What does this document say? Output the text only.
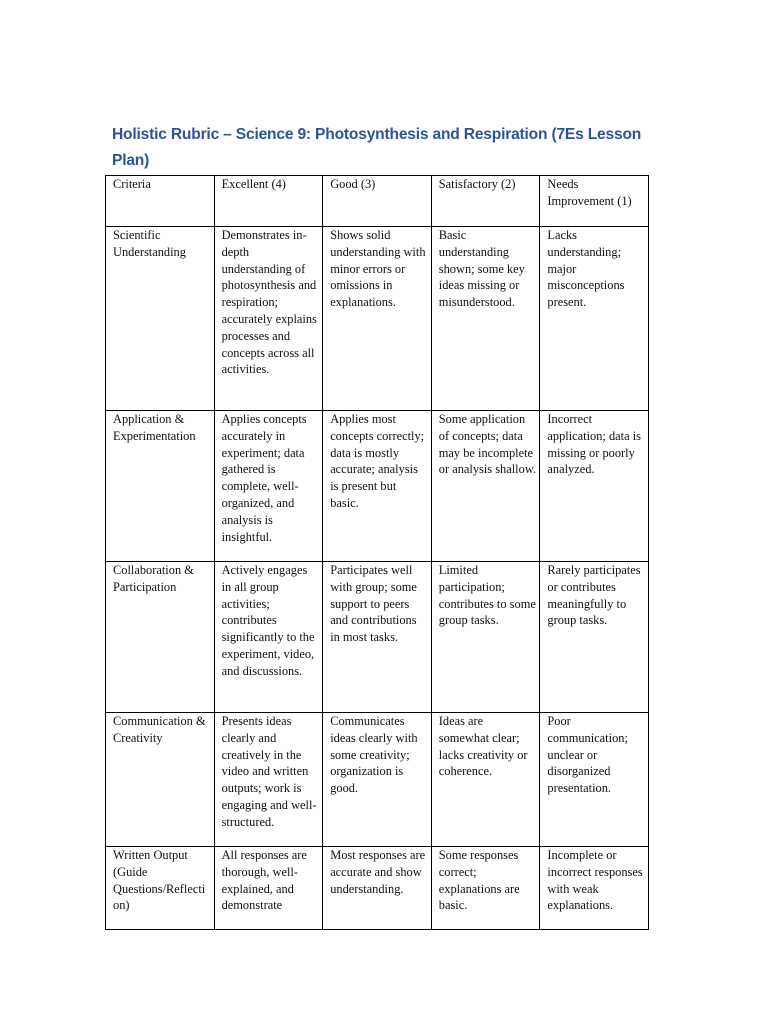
Holistic Rubric – Science 9: Photosynthesis and Respiration (7Es Lesson
Plan)
Criteria	Excellent (4)	Good (3)	Satisfactory (2)	Needs Improvement (1)
Scientific Understanding	Demonstrates in-depth understanding of photosynthesis and respiration; accurately explains processes and concepts across all activities.	Shows solid understanding with minor errors or omissions in explanations.	Basic understanding shown; some key ideas missing or misunderstood.	Lacks understanding; major misconceptions present.
Application & Experimentation	Applies concepts accurately in experiment; data gathered is complete, well-organized, and analysis is insightful.	Applies most concepts correctly; data is mostly accurate; analysis is present but basic.	Some application of concepts; data may be incomplete or analysis shallow.	Incorrect application; data is missing or poorly analyzed.
Collaboration & Participation	Actively engages in all group activities; contributes significantly to the experiment, video, and discussions.	Participates well with group; some support to peers and contributions in most tasks.	Limited participation; contributes to some group tasks.	Rarely participates or contributes meaningfully to group tasks.
Communication & Creativity	Presents ideas clearly and creatively in the video and written outputs; work is engaging and well-structured.	Communicates ideas clearly with some creativity; organization is good.	Ideas are somewhat clear; lacks creativity or coherence.	Poor communication; unclear or disorganized presentation.
Written Output (Guide Questions/Reflection)	All responses are thorough, well-explained, and demonstrate	Most responses are accurate and show understanding.	Some responses correct; explanations are basic.	Incomplete or incorrect responses with weak explanations.
